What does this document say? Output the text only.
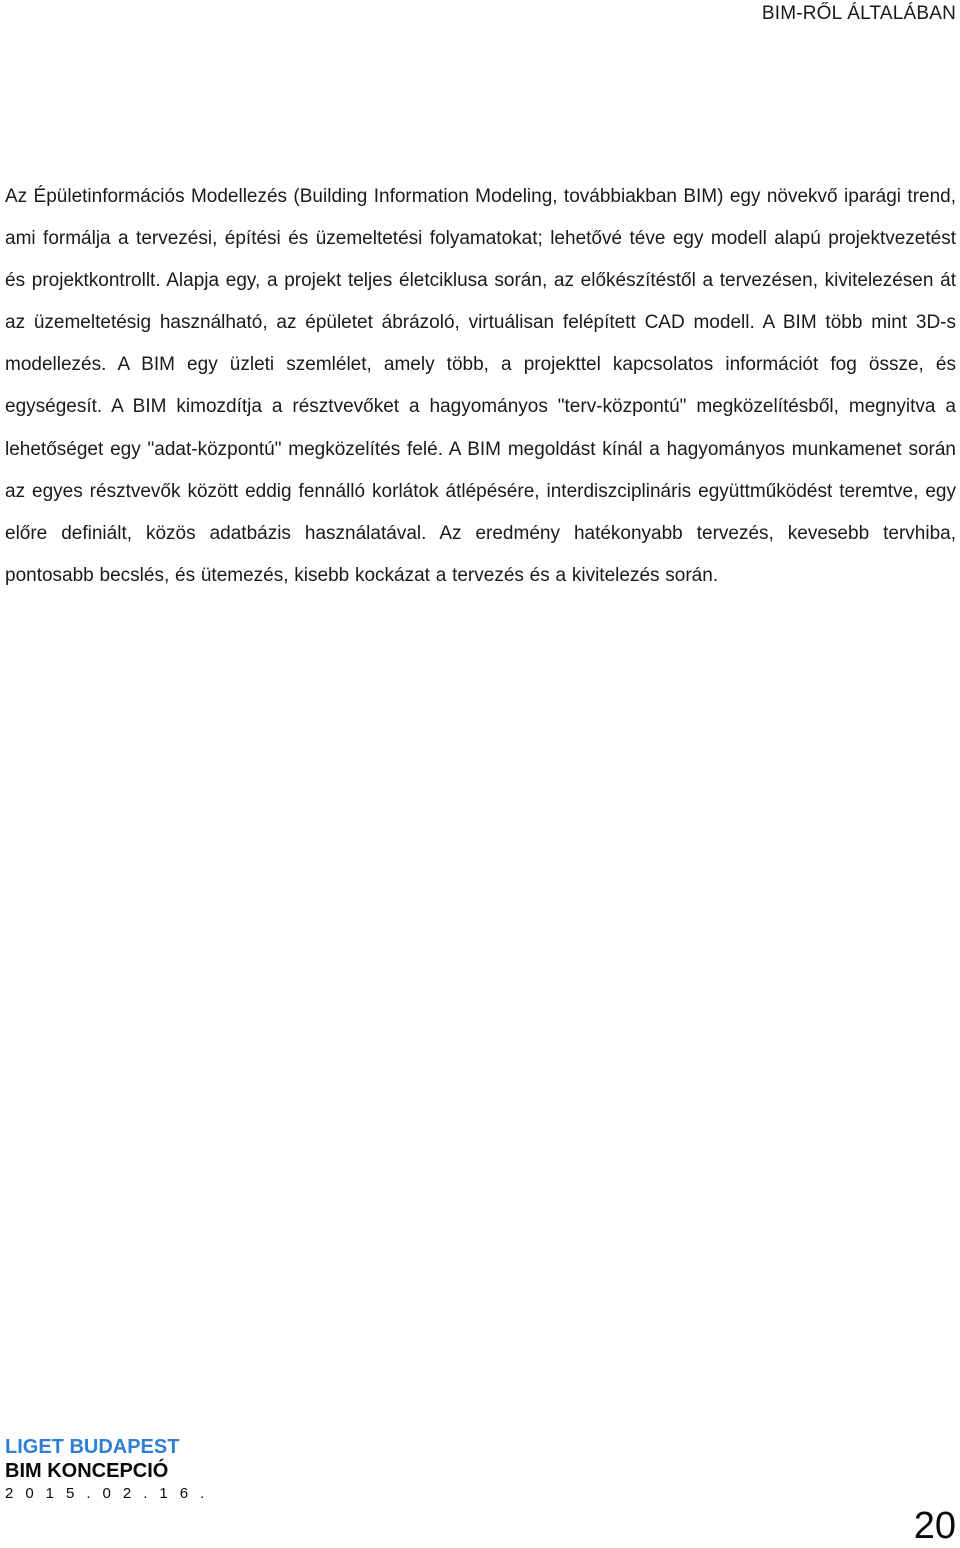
BIM-RŐL ÁLTALÁBAN

Az Épületinformációs Modellezés (Building Information Modeling, továbbiakban BIM) egy növekvő iparági trend, ami formálja a tervezési, építési és üzemeltetési folyamatokat; lehetővé téve egy modell alapú projektvezetést és projektkontrollt. Alapja egy, a projekt teljes életciklusa során, az előkészítéstől a tervezésen, kivitelezésen át az üzemeltetésig használható, az épületet ábrázoló, virtuálisan felépített CAD modell. A BIM több mint 3D-s modellezés. A BIM egy üzleti szemlélet, amely több, a projekttel kapcsolatos információt fog össze, és egységesít. A BIM kimozdítja a résztvevőket a hagyományos "terv-központú" megközelítésből, megnyitva a lehetőséget egy "adat-központú" megközelítés felé. A BIM megoldást kínál a hagyományos munkamenet során az egyes résztvevők között eddig fennálló korlátok átlépésére, interdiszciplináris együttműködést teremtve, egy előre definiált, közös adatbázis használatával. Az eredmény hatékonyabb tervezés, kevesebb tervhiba, pontosabb becslés, és ütemezés, kisebb kockázat a tervezés és a kivitelezés során.

LIGET BUDAPEST
BIM KONCEPCIÓ
2015.02.16.
20
